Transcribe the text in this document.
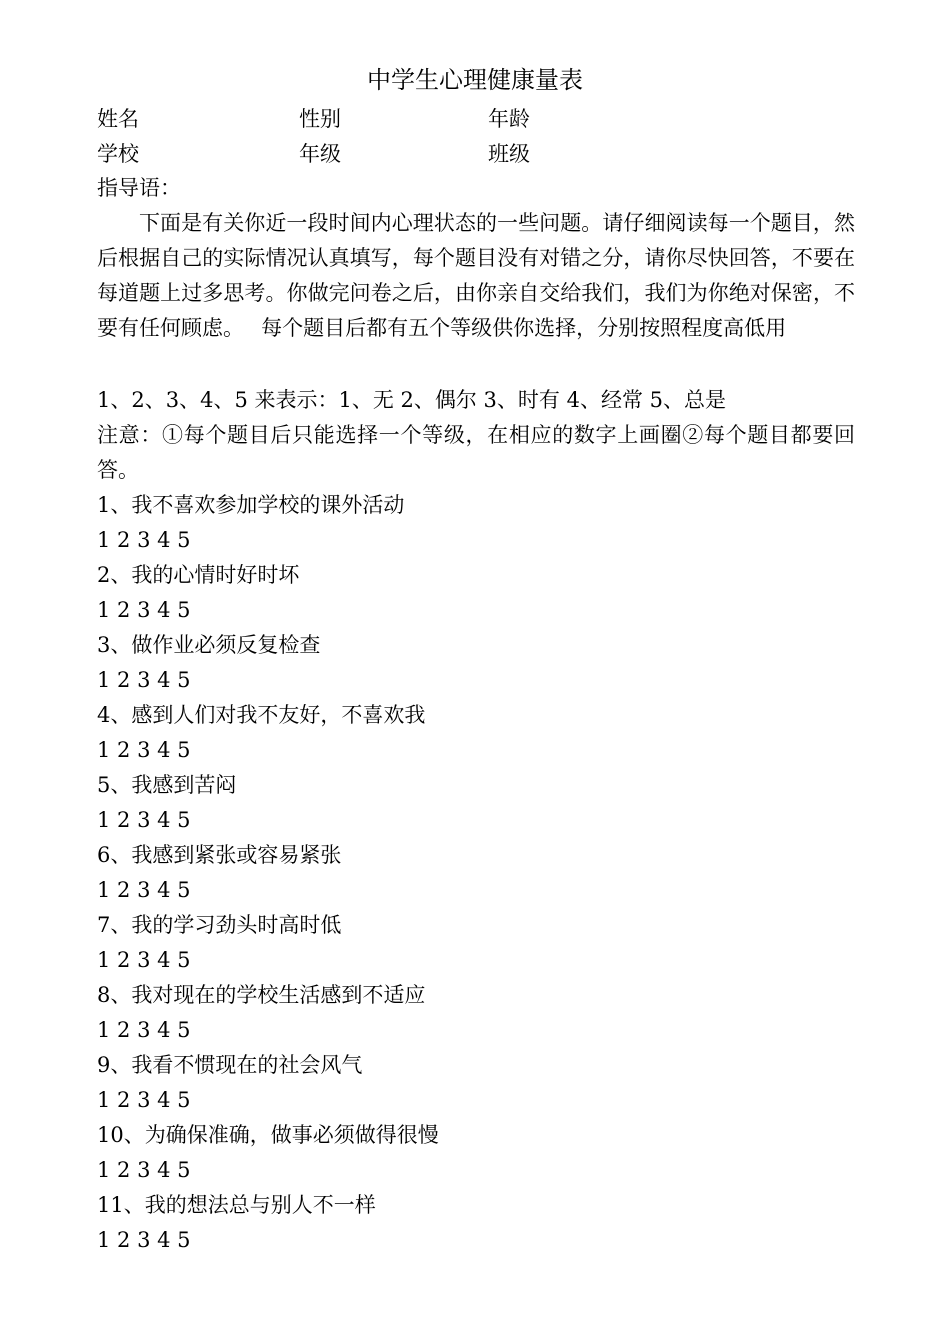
中学生心理健康量表
姓名	性别	年龄
学校	年级	班级
指导语：
下面是有关你近一段时间内心理状态的一些问题。请仔细阅读每一个题目，然后根据自己的实际情况认真填写，每个题目没有对错之分，请你尽快回答，不要在每道题上过多思考。你做完问卷之后，由你亲自交给我们，我们为你绝对保密，不要有任何顾虑。　 每个题目后都有五个等级供你选择，分别按照程度高低用
1、2、3、4、5 来表示：1、无 2、偶尔 3、时有 4、经常 5、总是
注意：①每个题目后只能选择一个等级，在相应的数字上画圈②每个题目都要回答。
1、我不喜欢参加学校的课外活动
1 2 3 4 5
2、我的心情时好时坏
1 2 3 4 5
3、做作业必须反复检查
1 2 3 4 5
4、感到人们对我不友好，不喜欢我
1 2 3 4 5
5、我感到苦闷
1 2 3 4 5
6、我感到紧张或容易紧张
1 2 3 4 5
7、我的学习劲头时高时低
1 2 3 4 5
8、我对现在的学校生活感到不适应
1 2 3 4 5
9、我看不惯现在的社会风气
1 2 3 4 5
10、为确保准确，做事必须做得很慢
1 2 3 4 5
11、我的想法总与别人不一样
1 2 3 4 5
